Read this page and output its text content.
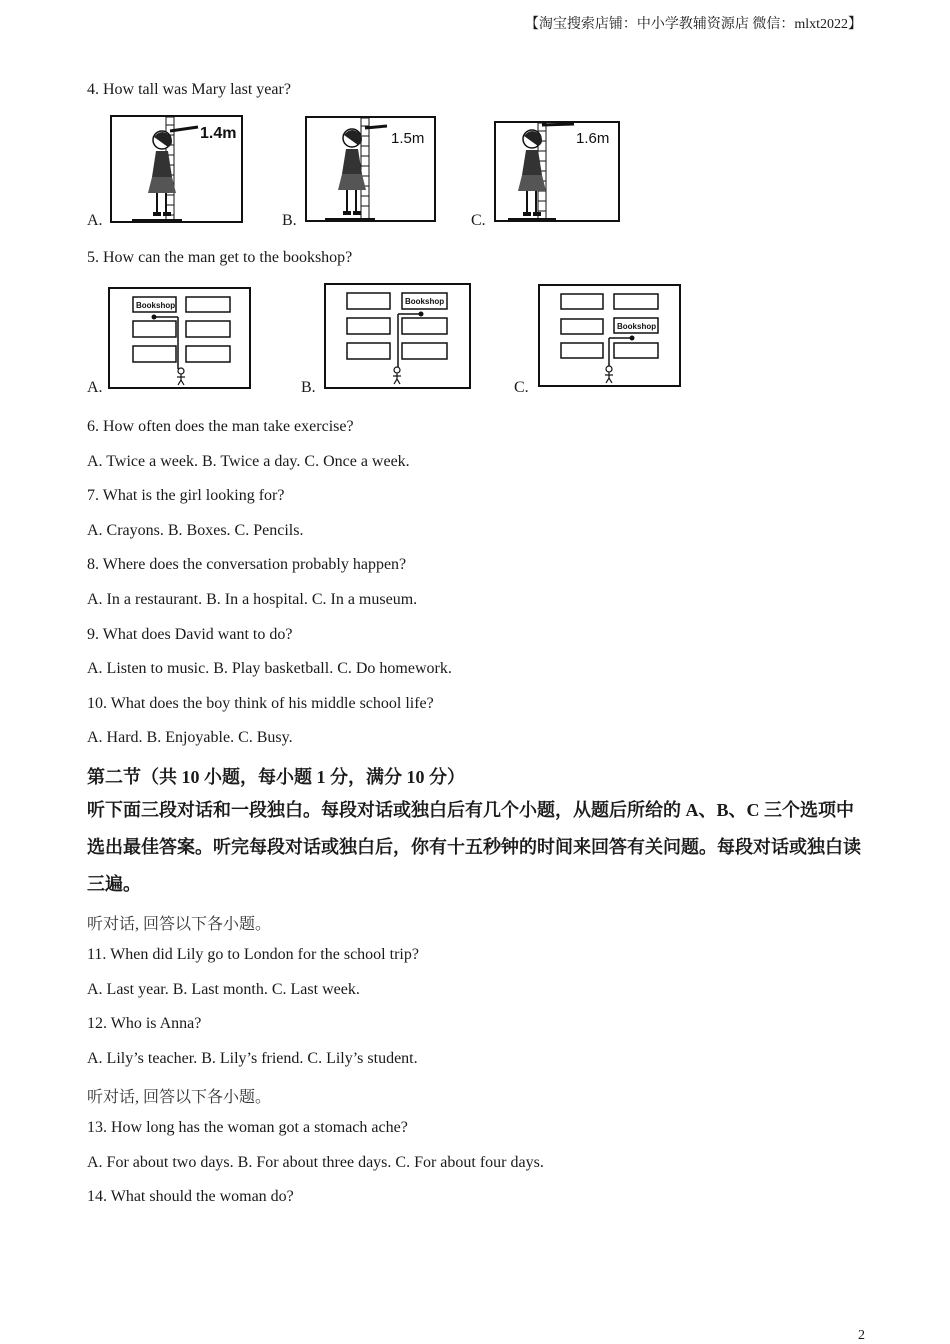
【淘宝搜索店铺：中小学教辅资源店 微信：mlxt2022】
4. How tall was Mary last year?
A.
1.4m
B.
1.5m
C.
1.6m
5. How can the man get to the bookshop?
A.
Bookshop
B.
Bookshop
C.
Bookshop
6. How often does the man take exercise?
A. Twice a week. B. Twice a day. C. Once a week.
7. What is the girl looking for?
A. Crayons. B. Boxes. C. Pencils.
8. Where does the conversation probably happen?
A. In a restaurant. B. In a hospital. C. In a museum.
9. What does David want to do?
A. Listen to music. B. Play basketball. C. Do homework.
10. What does the boy think of his middle school life?
A. Hard. B. Enjoyable. C. Busy.
第二节（共 10 小题，每小题 1 分，满分 10 分）
听下面三段对话和一段独白。每段对话或独白后有几个小题，从题后所给的 A、B、C 三个选项中选出最佳答案。听完每段对话或独白后，你有十五秒钟的时间来回答有关问题。每段对话或独白读三遍。
听对话, 回答以下各小题。
11. When did Lily go to London for the school trip?
A. Last year. B. Last month. C. Last week.
12. Who is Anna?
A. Lily’s teacher. B. Lily’s friend. C. Lily’s student.
听对话, 回答以下各小题。
13. How long has the woman got a stomach ache?
A. For about two days. B. For about three days. C. For about four days.
14. What should the woman do?
2
